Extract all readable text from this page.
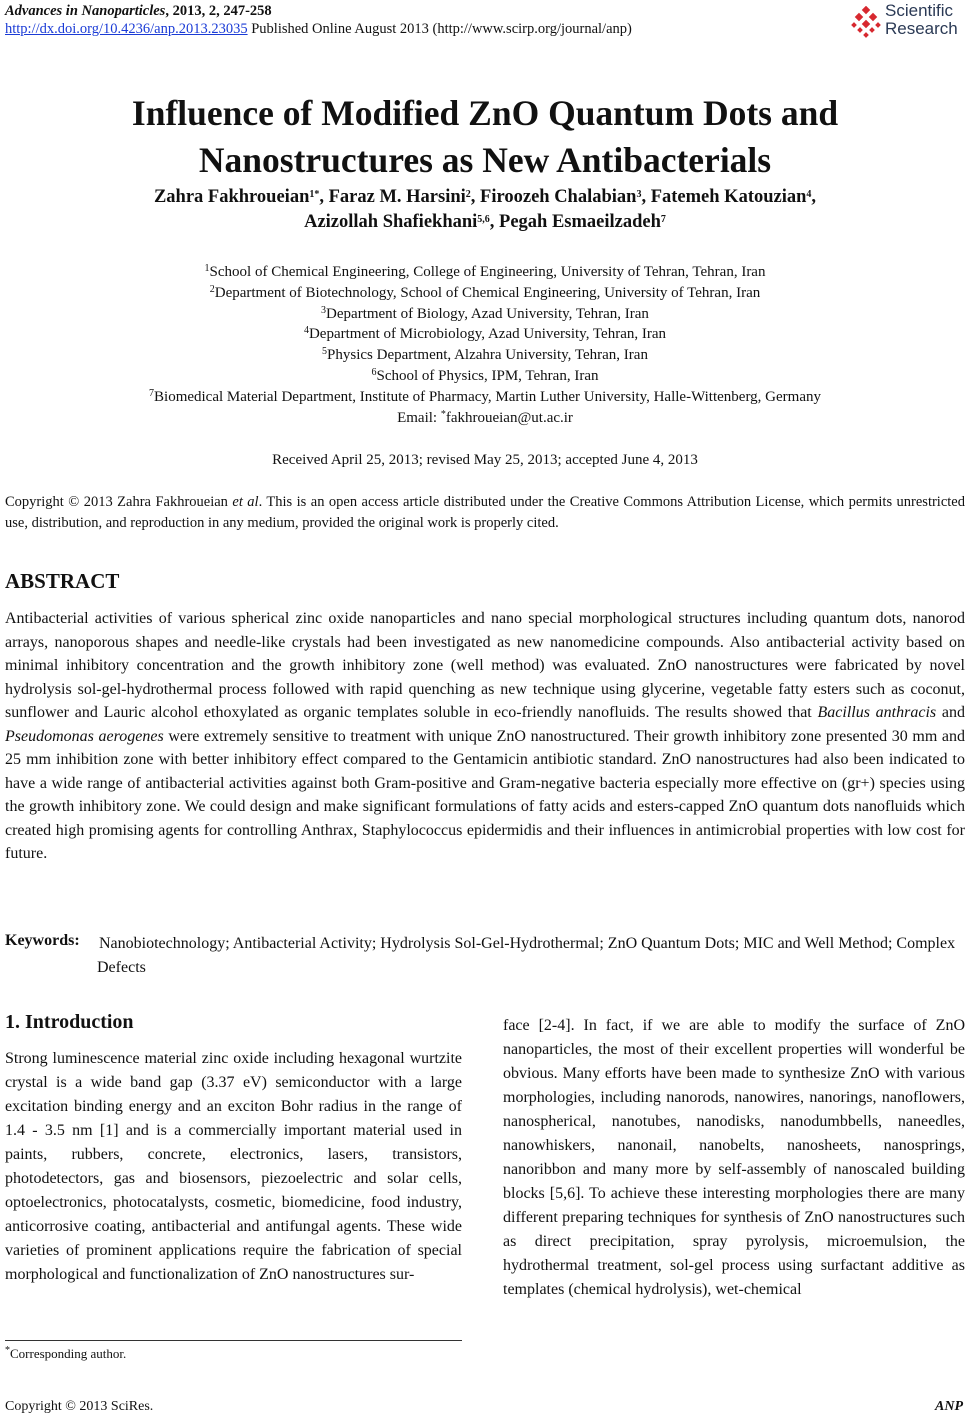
Advances in Nanoparticles, 2013, 2, 247-258
http://dx.doi.org/10.4236/anp.2013.23035 Published Online August 2013 (http://www.scirp.org/journal/anp)
Scientific
Research
Influence of Modified ZnO Quantum Dots and
Nanostructures as New Antibacterials
Zahra Fakhroueian$^{1*}$, Faraz M. Harsini$^2$, Firoozeh Chalabian$^3$, Fatemeh Katouzian$^4$,
Azizollah Shafiekhani$^{5,6}$, Pegah Esmaeilzadeh$^7$
$^1$School of Chemical Engineering, College of Engineering, University of Tehran, Tehran, Iran
$^2$Department of Biotechnology, School of Chemical Engineering, University of Tehran, Iran
$^3$Department of Biology, Azad University, Tehran, Iran
$^4$Department of Microbiology, Azad University, Tehran, Iran
$^5$Physics Department, Alzahra University, Tehran, Iran
$^6$School of Physics, IPM, Tehran, Iran
$^7$Biomedical Material Department, Institute of Pharmacy, Martin Luther University, Halle-Wittenberg, Germany
Email: *fakhroueian@ut.ac.ir
Received April 25, 2013; revised May 25, 2013; accepted June 4, 2013
Copyright © 2013 Zahra Fakhroueian et al. This is an open access article distributed under the Creative Commons Attribution License, which permits unrestricted use, distribution, and reproduction in any medium, provided the original work is properly cited.
ABSTRACT
Antibacterial activities of various spherical zinc oxide nanoparticles and nano special morphological structures including quantum dots, nanorod arrays, nanoporous shapes and needle-like crystals had been investigated as new nanomedicine compounds. Also antibacterial activity based on minimal inhibitory concentration and the growth inhibitory zone (well method) was evaluated. ZnO nanostructures were fabricated by novel hydrolysis sol-gel-hydrothermal process followed with rapid quenching as new technique using glycerine, vegetable fatty esters such as coconut, sunflower and Lauric alcohol ethoxylated as organic templates soluble in eco-friendly nanofluids. The results showed that Bacillus anthracis and Pseudomonas aerogenes were extremely sensitive to treatment with unique ZnO nanostructured. Their growth inhibitory zone presented 30 mm and 25 mm inhibition zone with better inhibitory effect compared to the Gentamicin antibiotic standard. ZnO nanostructures had also been indicated to have a wide range of antibacterial activities against both Gram-positive and Gram-negative bacteria especially more effective on (gr+) species using the growth inhibitory zone. We could design and make significant formulations of fatty acids and esters-capped ZnO quantum dots nanofluids which created high promising agents for controlling Anthrax, Staphylococcus epidermidis and their influences in antimicrobial properties with low cost for future.
Keywords: Nanobiotechnology; Antibacterial Activity; Hydrolysis Sol-Gel-Hydrothermal; ZnO Quantum Dots; MIC and Well Method; Complex Defects
1. Introduction
Strong luminescence material zinc oxide including hexagonal wurtzite crystal is a wide band gap (3.37 eV) semiconductor with a large excitation binding energy and an exciton Bohr radius in the range of 1.4 - 3.5 nm [1] and is a commercially important material used in paints, rubbers, concrete, electronics, lasers, transistors, photodetectors, gas and biosensors, piezoelectric and solar cells, optoelectronics, photocatalysts, cosmetic, biomedicine, food industry, anticorrosive coating, antibacterial and antifungal agents. These wide varieties of prominent applications require the fabrication of special morphological and functionalization of ZnO nanostructures sur-
face [2-4]. In fact, if we are able to modify the surface of ZnO nanoparticles, the most of their excellent properties will wonderful be obvious. Many efforts have been made to synthesize ZnO with various morphologies, including nanorods, nanowires, nanorings, nanoflowers, nanospherical, nanotubes, nanodisks, nanodumbbells, naneedles, nanowhiskers, nanonail, nanobelts, nanosheets, nanosprings, nanoribbon and many more by self-assembly of nanoscaled building blocks [5,6]. To achieve these interesting morphologies there are many different preparing techniques for synthesis of ZnO nanostructures such as direct precipitation, spray pyrolysis, microemulsion, the hydrothermal treatment, sol-gel process using surfactant additive as templates (chemical hydrolysis), wet-chemical
*Corresponding author.
Copyright © 2013 SciRes.	ANP
